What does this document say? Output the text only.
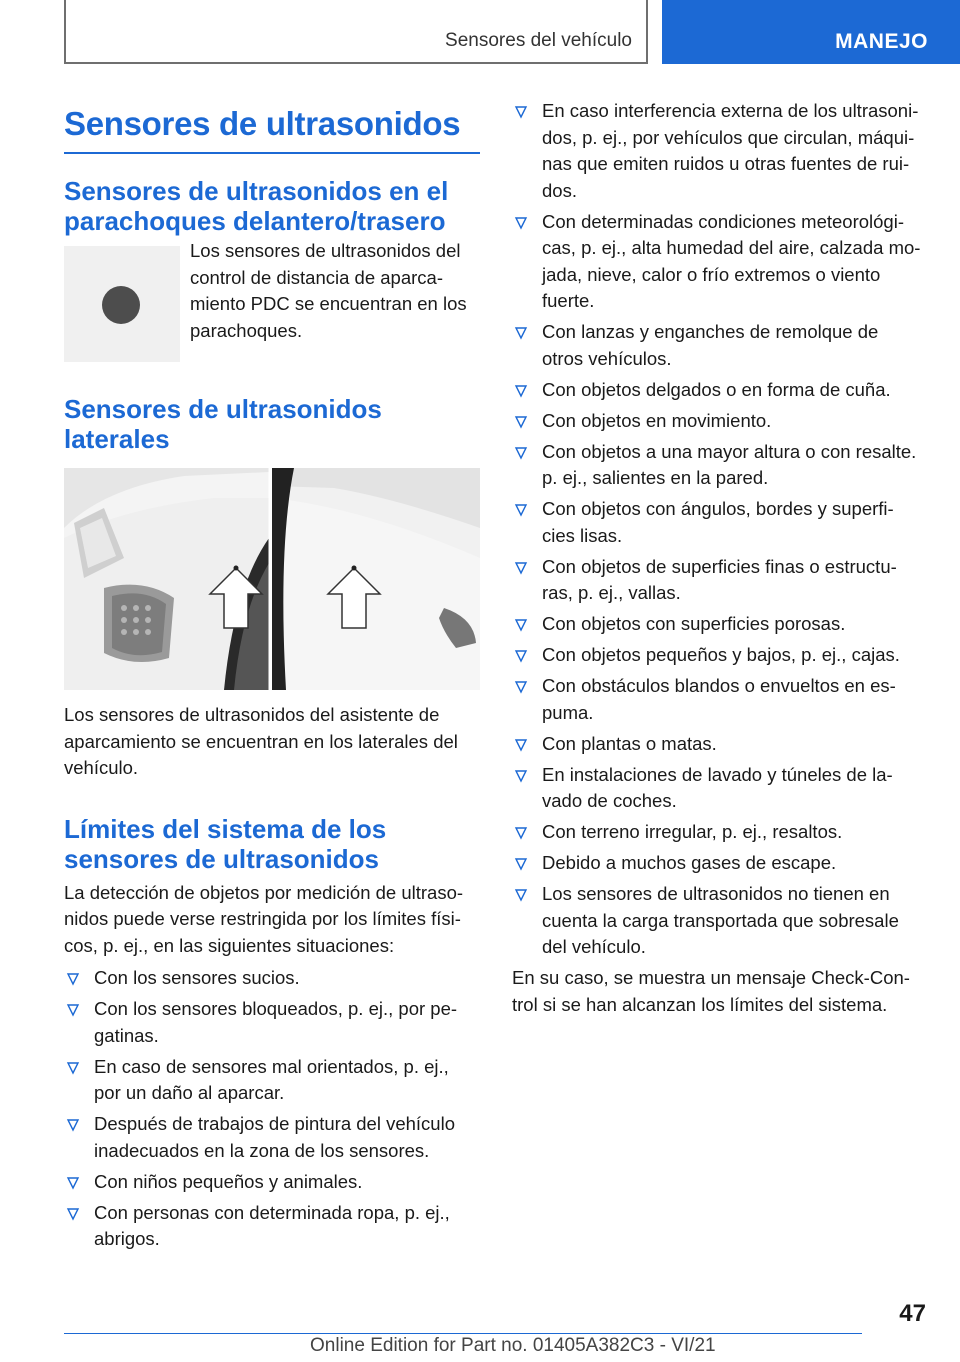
Sensores del vehículo	MANEJO
Sensores de ultrasonidos
Sensores de ultrasonidos en el parachoques delantero/trasero

Los sensores de ultrasonidos del control de distancia de aparca-miento PDC se encuentran en los parachoques.

Sensores de ultrasonidos laterales

Los sensores de ultrasonidos del asistente de aparcamiento se encuentran en los laterales del vehículo.

Límites del sistema de los sensores de ultrasonidos

La detección de objetos por medición de ultraso-nidos puede verse restringida por los límites físi-cos, p. ej., en las siguientes situaciones:

Con los sensores sucios.
Con los sensores bloqueados, p. ej., por pe-gatinas.
En caso de sensores mal orientados, p. ej., por un daño al aparcar.
Después de trabajos de pintura del vehículo inadecuados en la zona de los sensores.
Con niños pequeños y animales.
Con personas con determinada ropa, p. ej., abrigos.
En caso interferencia externa de los ultrasoni-dos, p. ej., por vehículos que circulan, máqui-nas que emiten ruidos u otras fuentes de rui-dos.
Con determinadas condiciones meteorológi-cas, p. ej., alta humedad del aire, calzada mo-jada, nieve, calor o frío extremos o viento fuerte.
Con lanzas y enganches de remolque de otros vehículos.
Con objetos delgados o en forma de cuña.
Con objetos en movimiento.
Con objetos a una mayor altura o con resalte. p. ej., salientes en la pared.
Con objetos con ángulos, bordes y superfi-cies lisas.
Con objetos de superficies finas o estructu-ras, p. ej., vallas.
Con objetos con superficies porosas.
Con objetos pequeños y bajos, p. ej., cajas.
Con obstáculos blandos o envueltos en es-puma.
Con plantas o matas.
En instalaciones de lavado y túneles de la-vado de coches.
Con terreno irregular, p. ej., resaltos.
Debido a muchos gases de escape.
Los sensores de ultrasonidos no tienen en cuenta la carga transportada que sobresale del vehículo.

En su caso, se muestra un mensaje Check-Con-trol si se han alcanzan los límites del sistema.

47
Online Edition for Part no. 01405A382C3 - VI/21
